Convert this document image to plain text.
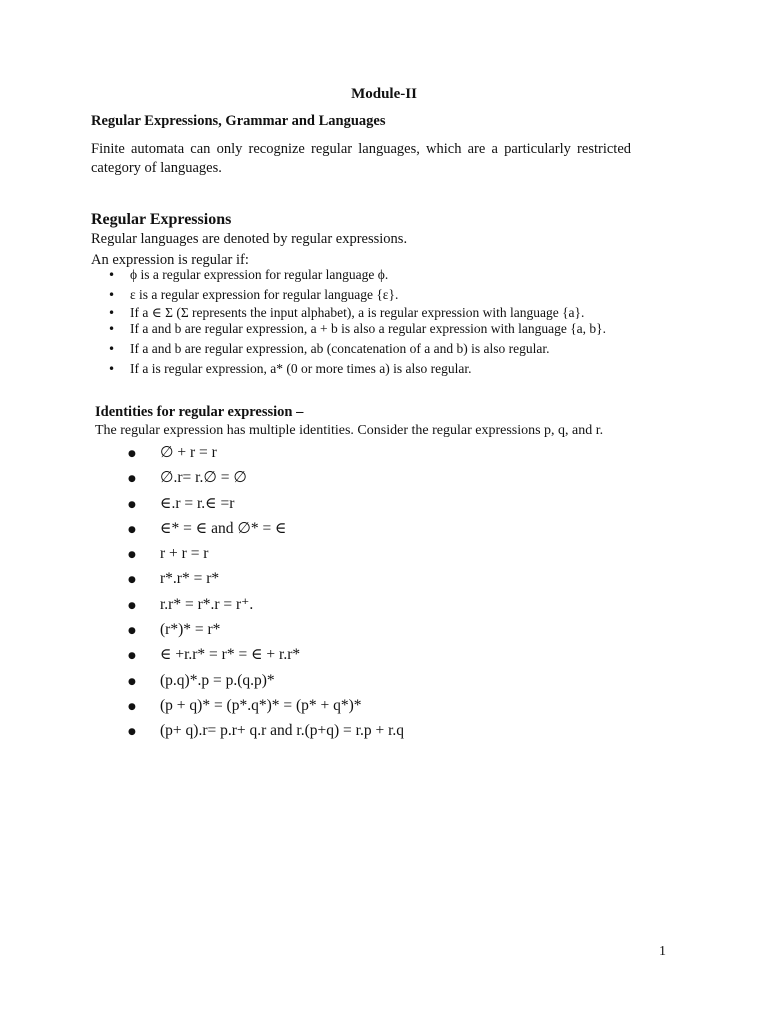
Module-II
Regular Expressions, Grammar and Languages
Finite automata can only recognize regular languages, which are a particularly restricted category of languages.
Regular Expressions
Regular languages are denoted by regular expressions.
An expression is regular if:
• ϕ is a regular expression for regular language ϕ.
• ε is a regular expression for regular language {ε}.
• If a ∈ Σ (Σ represents the input alphabet), a is regular expression with language {a}.
• If a and b are regular expression, a + b is also a regular expression with language {a, b}.
• If a and b are regular expression, ab (concatenation of a and b) is also regular.
• If a is regular expression, a* (0 or more times a) is also regular.
Identities for regular expression –
The regular expression has multiple identities. Consider the regular expressions p, q, and r.
● ∅ + r = r
● ∅.r= r.∅ = ∅
● ∈.r = r.∈ =r
● ∈* = ∈ and ∅* = ∈
● r + r = r
● r*.r* = r*
● r.r* = r*.r = r⁺.
● (r*)* = r*
● ∈ +r.r* = r* = ∈ + r.r*
● (p.q)*.p = p.(q.p)*
● (p + q)* = (p*.q*)* = (p* + q*)*
● (p+ q).r= p.r+ q.r and r.(p+q) = r.p + r.q
1
